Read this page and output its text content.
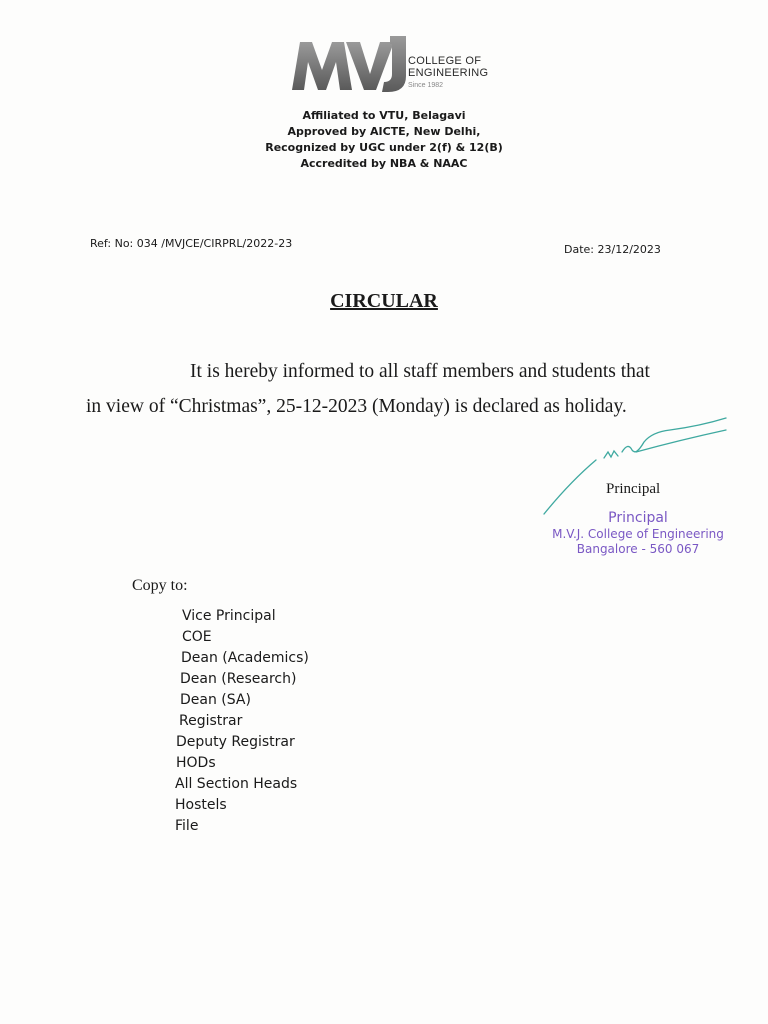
COLLEGE OF
ENGINEERING
Since 1982
Affiliated to VTU, Belagavi
Approved by AICTE, New Delhi,
Recognized by UGC under 2(f) & 12(B)
Accredited by NBA & NAAC
Ref: No: 034 /MVJCE/CIRPRL/2022-23	Date: 23/12/2023
CIRCULAR
It is hereby informed to all staff members and students that
in view of “Christmas”, 25-12-2023 (Monday) is declared as holiday.
Principal
Principal
M.V.J. College of Engineering
Bangalore - 560 067
Copy to:
Vice Principal
COE
Dean (Academics)
Dean (Research)
Dean (SA)
Registrar
Deputy Registrar
HODs
All Section Heads
Hostels
File
